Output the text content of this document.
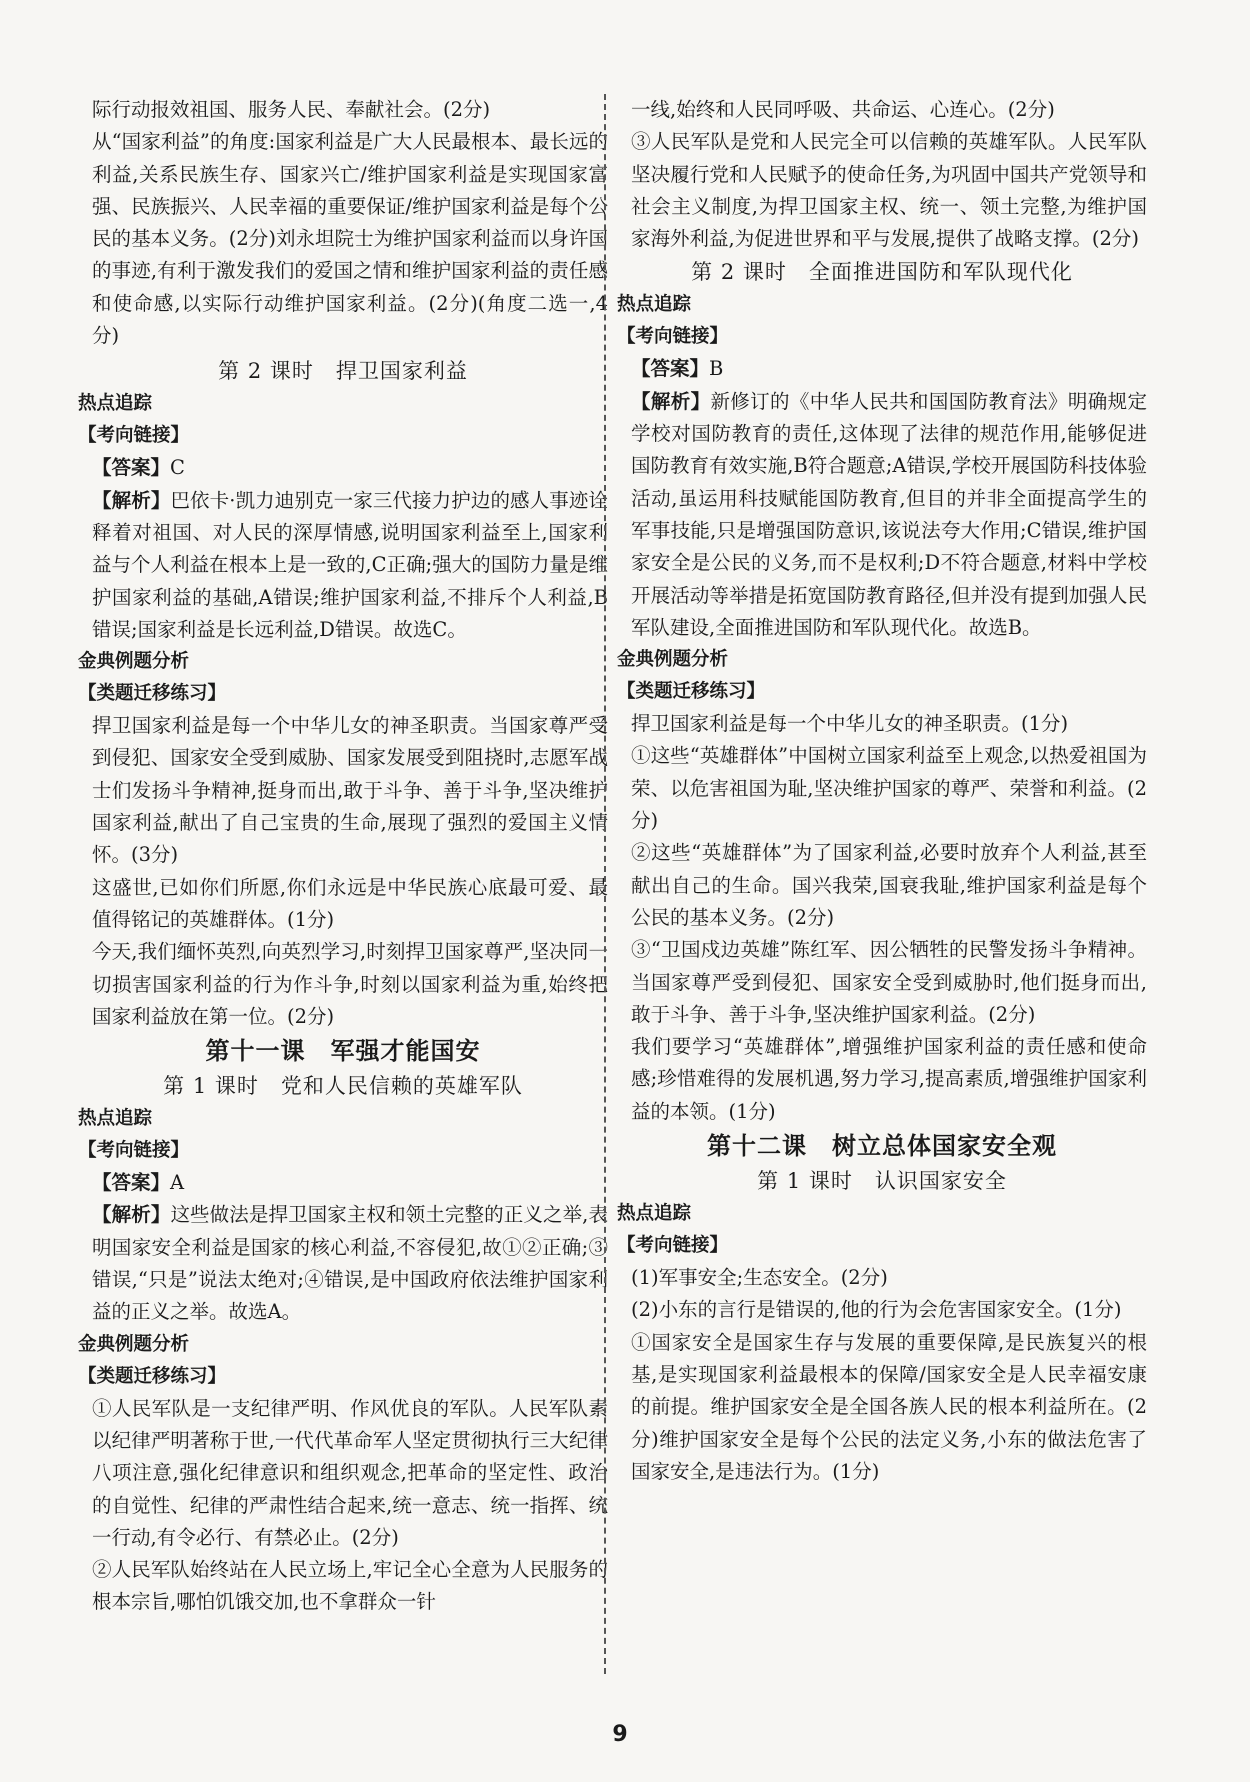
际行动报效祖国、服务人民、奉献社会。(2分)

从“国家利益”的角度:国家利益是广大人民最根本、最长远的利益,关系民族生存、国家兴亡/维护国家利益是实现国家富强、民族振兴、人民幸福的重要保证/维护国家利益是每个公民的基本义务。(2分)刘永坦院士为维护国家利益而以身许国的事迹,有利于激发我们的爱国之情和维护国家利益的责任感和使命感,以实际行动维护国家利益。(2分)(角度二选一,4分)

第 2 课时　捍卫国家利益
热点追踪
【考向链接】

【答案】C

【解析】巴依卡·凯力迪别克一家三代接力护边的感人事迹诠释着对祖国、对人民的深厚情感,说明国家利益至上,国家利益与个人利益在根本上是一致的,C正确;强大的国防力量是维护国家利益的基础,A错误;维护国家利益,不排斥个人利益,B错误;国家利益是长远利益,D错误。故选C。

金典例题分析
【类题迁移练习】

捍卫国家利益是每一个中华儿女的神圣职责。当国家尊严受到侵犯、国家安全受到威胁、国家发展受到阻挠时,志愿军战士们发扬斗争精神,挺身而出,敢于斗争、善于斗争,坚决维护国家利益,献出了自己宝贵的生命,展现了强烈的爱国主义情怀。(3分)

这盛世,已如你们所愿,你们永远是中华民族心底最可爱、最值得铭记的英雄群体。(1分)

今天,我们缅怀英烈,向英烈学习,时刻捍卫国家尊严,坚决同一切损害国家利益的行为作斗争,时刻以国家利益为重,始终把国家利益放在第一位。(2分)

第十一课　军强才能国安
第 1 课时　党和人民信赖的英雄军队
热点追踪
【考向链接】

【答案】A

【解析】这些做法是捍卫国家主权和领土完整的正义之举,表明国家安全利益是国家的核心利益,不容侵犯,故①②正确;③错误,“只是”说法太绝对;④错误,是中国政府依法维护国家利益的正义之举。故选A。

金典例题分析
【类题迁移练习】

①人民军队是一支纪律严明、作风优良的军队。人民军队素以纪律严明著称于世,一代代革命军人坚定贯彻执行三大纪律八项注意,强化纪律意识和组织观念,把革命的坚定性、政治的自觉性、纪律的严肃性结合起来,统一意志、统一指挥、统一行动,有令必行、有禁必止。(2分)

②人民军队始终站在人民立场上,牢记全心全意为人民服务的根本宗旨,哪怕饥饿交加,也不拿群众一针

一线,始终和人民同呼吸、共命运、心连心。(2分)

③人民军队是党和人民完全可以信赖的英雄军队。人民军队坚决履行党和人民赋予的使命任务,为巩固中国共产党领导和社会主义制度,为捍卫国家主权、统一、领土完整,为维护国家海外利益,为促进世界和平与发展,提供了战略支撑。(2分)

第 2 课时　全面推进国防和军队现代化
热点追踪
【考向链接】

【答案】B

【解析】新修订的《中华人民共和国国防教育法》明确规定学校对国防教育的责任,这体现了法律的规范作用,能够促进国防教育有效实施,B符合题意;A错误,学校开展国防科技体验活动,虽运用科技赋能国防教育,但目的并非全面提高学生的军事技能,只是增强国防意识,该说法夸大作用;C错误,维护国家安全是公民的义务,而不是权利;D不符合题意,材料中学校开展活动等举措是拓宽国防教育路径,但并没有提到加强人民军队建设,全面推进国防和军队现代化。故选B。

金典例题分析
【类题迁移练习】

捍卫国家利益是每一个中华儿女的神圣职责。(1分)

①这些“英雄群体”中国树立国家利益至上观念,以热爱祖国为荣、以危害祖国为耻,坚决维护国家的尊严、荣誉和利益。(2分)

②这些“英雄群体”为了国家利益,必要时放弃个人利益,甚至献出自己的生命。国兴我荣,国衰我耻,维护国家利益是每个公民的基本义务。(2分)

③“卫国戍边英雄”陈红军、因公牺牲的民警发扬斗争精神。当国家尊严受到侵犯、国家安全受到威胁时,他们挺身而出,敢于斗争、善于斗争,坚决维护国家利益。(2分)

我们要学习“英雄群体”,增强维护国家利益的责任感和使命感;珍惜难得的发展机遇,努力学习,提高素质,增强维护国家利益的本领。(1分)

第十二课　树立总体国家安全观
第 1 课时　认识国家安全
热点追踪
【考向链接】

(1)军事安全;生态安全。(2分)

(2)小东的言行是错误的,他的行为会危害国家安全。(1分)

①国家安全是国家生存与发展的重要保障,是民族复兴的根基,是实现国家利益最根本的保障/国家安全是人民幸福安康的前提。维护国家安全是全国各族人民的根本利益所在。(2分)维护国家安全是每个公民的法定义务,小东的做法危害了国家安全,是违法行为。(1分)

9
